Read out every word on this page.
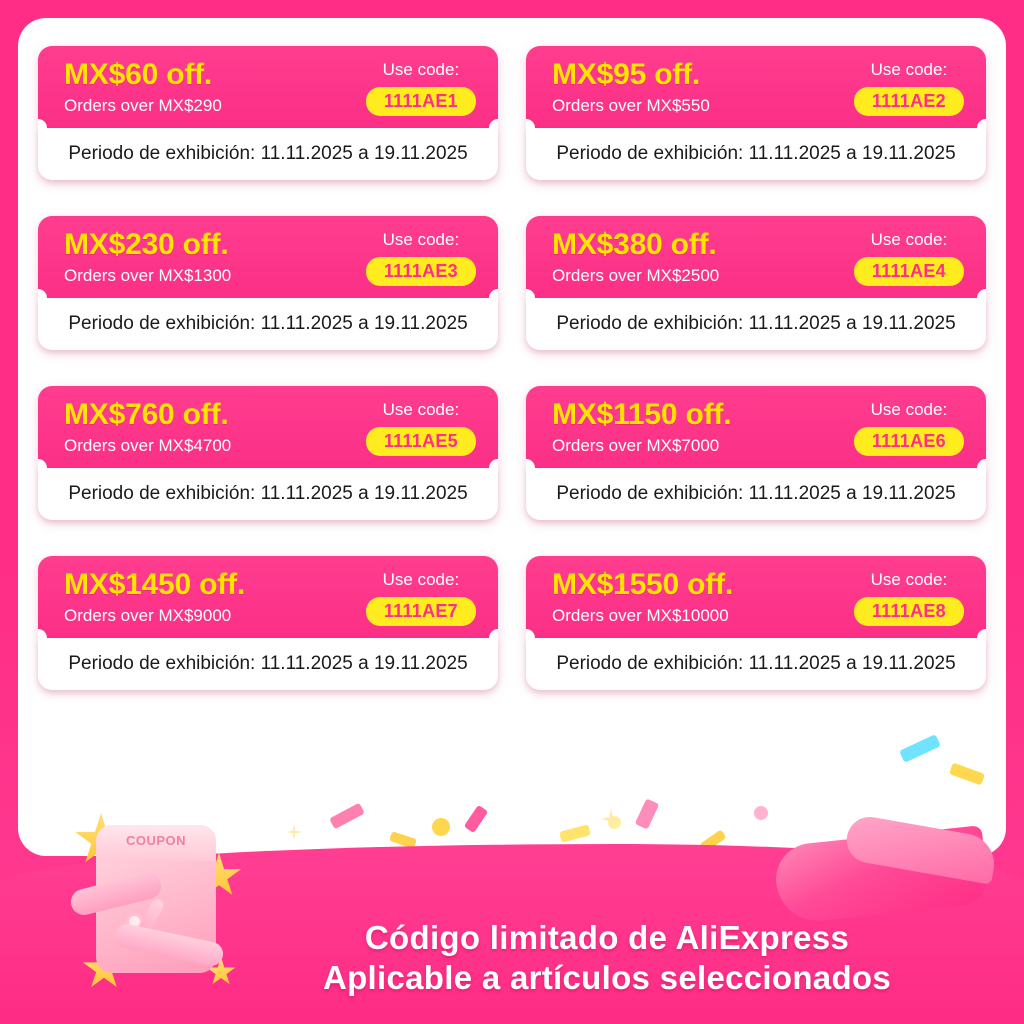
MX$60 off.
Orders over MX$290
Use code:
1111AE1
Periodo de exhibición: 11.11.2025 a 19.11.2025
MX$95 off.
Orders over MX$550
Use code:
1111AE2
Periodo de exhibición: 11.11.2025 a 19.11.2025
MX$230 off.
Orders over MX$1300
Use code:
1111AE3
Periodo de exhibición: 11.11.2025 a 19.11.2025
MX$380 off.
Orders over MX$2500
Use code:
1111AE4
Periodo de exhibición: 11.11.2025 a 19.11.2025
MX$760 off.
Orders over MX$4700
Use code:
1111AE5
Periodo de exhibición: 11.11.2025 a 19.11.2025
MX$1150 off.
Orders over MX$7000
Use code:
1111AE6
Periodo de exhibición: 11.11.2025 a 19.11.2025
MX$1450 off.
Orders over MX$9000
Use code:
1111AE7
Periodo de exhibición: 11.11.2025 a 19.11.2025
MX$1550 off.
Orders over MX$10000
Use code:
1111AE8
Periodo de exhibición: 11.11.2025 a 19.11.2025
Código limitado de AliExpress
Aplicable a artículos seleccionados
COUPON
